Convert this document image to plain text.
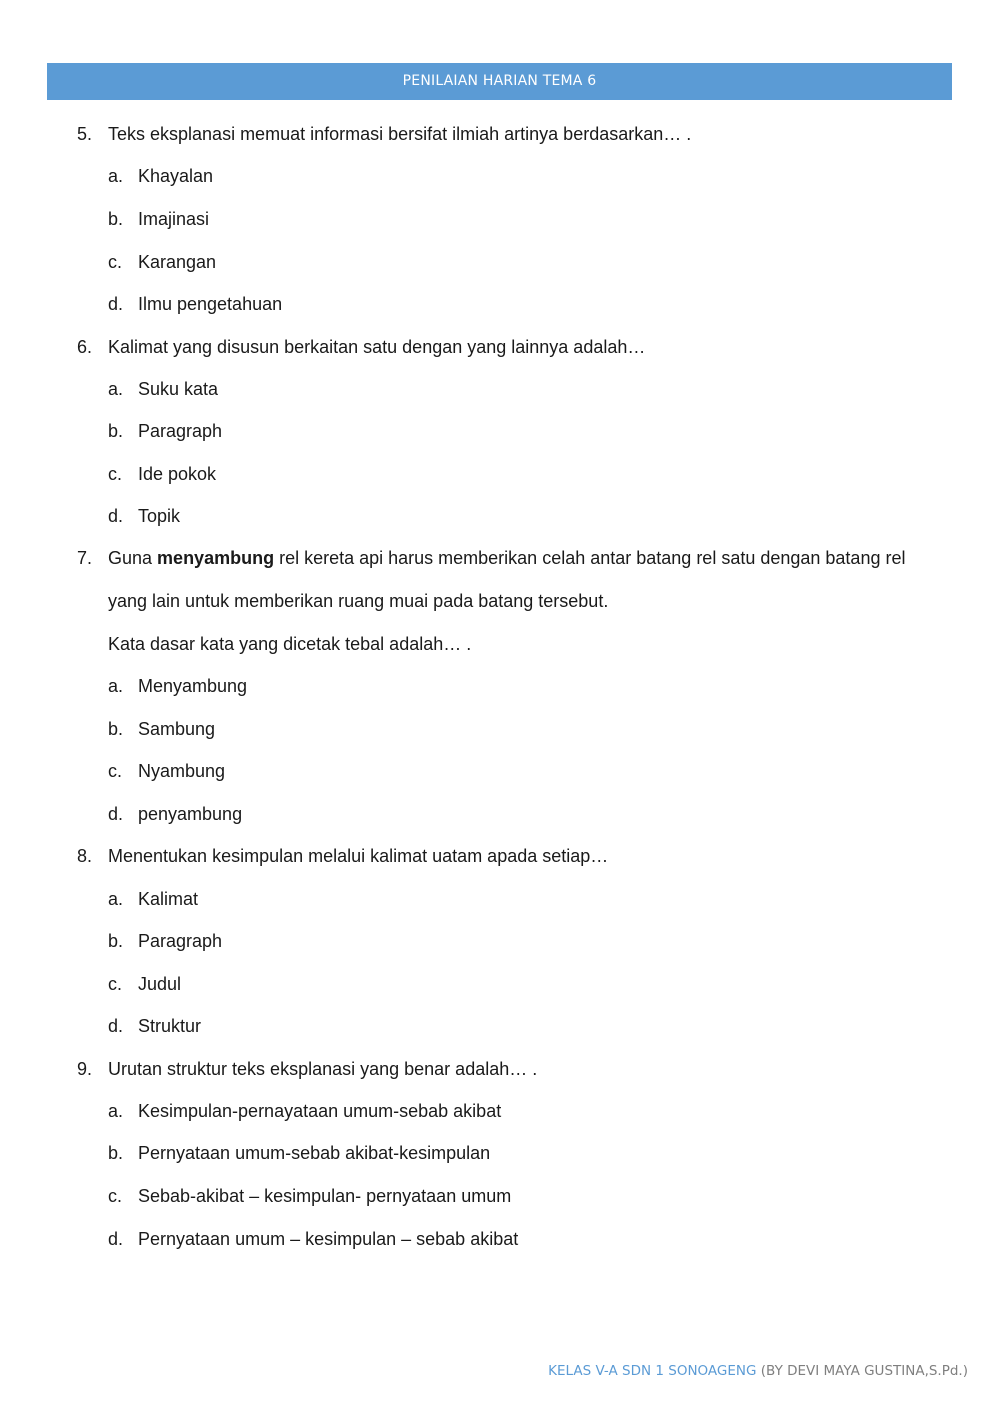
PENILAIAN HARIAN TEMA 6
5. Teks eksplanasi memuat informasi bersifat ilmiah artinya berdasarkan… .
a. Khayalan
b. Imajinasi
c. Karangan
d. Ilmu pengetahuan
6. Kalimat yang disusun berkaitan satu dengan yang lainnya adalah…
a. Suku kata
b. Paragraph
c. Ide pokok
d. Topik
7. Guna menyambung rel kereta api harus memberikan celah antar batang rel satu dengan batang rel
yang lain untuk memberikan ruang muai pada batang tersebut.
Kata dasar kata yang dicetak tebal adalah… .
a. Menyambung
b. Sambung
c. Nyambung
d. penyambung
8. Menentukan kesimpulan melalui kalimat uatam apada setiap…
a. Kalimat
b. Paragraph
c. Judul
d. Struktur
9. Urutan struktur teks eksplanasi yang benar adalah… .
a. Kesimpulan-pernayataan umum-sebab akibat
b. Pernyataan umum-sebab akibat-kesimpulan
c. Sebab-akibat – kesimpulan- pernyataan umum
d. Pernyataan umum – kesimpulan – sebab akibat
KELAS V-A SDN 1 SONOAGENG (BY DEVI MAYA GUSTINA,S.Pd.)
